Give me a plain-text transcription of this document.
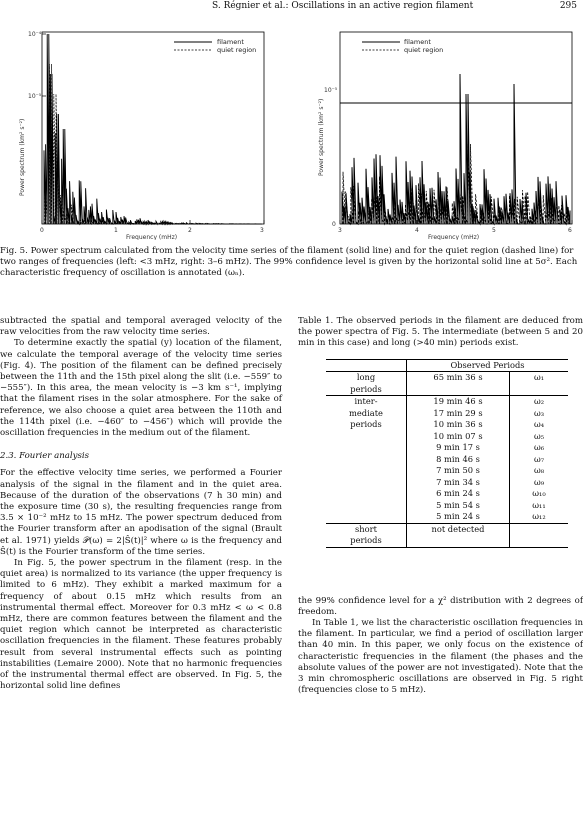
S. Régnier et al.: Oscillations in an active region filament	295
filament
quiet region
10⁻⁴
10⁻⁵
Power spectrum (km² s⁻²)
0	1	2	3
Frequency (mHz)
filament
quiet region
10⁻⁵
0
Power spectrum (km² s⁻²)
3	4	5	6
Frequency (mHz)
Fig. 5. Power spectrum calculated from the velocity time series of the filament (solid line) and for the quiet region (dashed line) for two ranges of frequencies (left: <3 mHz, right: 3–6 mHz). The 99% confidence level is given by the horizontal solid line at 5σ². Each characteristic frequency of oscillation is annotated (ωₙ).

subtracted the spatial and temporal averaged velocity of the raw velocities from the raw velocity time series.

To determine exactly the spatial (y) location of the filament, we calculate the temporal average of the velocity time series (Fig. 4). The position of the filament can be defined precisely between the 11th and the 15th pixel along the slit (i.e. −559″ to −555″). In this area, the mean velocity is −3 km s⁻¹, implying that the filament rises in the solar atmosphere. For the sake of reference, we also choose a quiet area between the 110th and the 114th pixel (i.e. −460″ to −456″) which will provide the oscillation frequencies in the medium out of the filament.

2.3. Fourier analysis

For the effective velocity time series, we performed a Fourier analysis of the signal in the filament and in the quiet area. Because of the duration of the observations (7 h 30 min) and the exposure time (30 s), the resulting frequencies range from 3.5 × 10⁻² mHz to 15 mHz. The power spectrum deduced from the Fourier transform after an apodisation of the signal (Brault et al. 1971) yields 𝒫(ω) = 2|Ŝ(t)|² where ω is the frequency and Ŝ(t) is the Fourier transform of the time series.

In Fig. 5, the power spectrum in the filament (resp. in the quiet area) is normalized to its variance (the upper frequency is limited to 6 mHz). They exhibit a marked maximum for a frequency of about 0.15 mHz which results from an instrumental thermal effect. Moreover for 0.3 mHz < ω < 0.8 mHz, there are common features between the filament and the quiet region which cannot be interpreted as characteristic oscillation frequencies in the filament. These features probably result from several instrumental effects such as pointing instabilities (Lemaire 2000). Note that no harmonic frequencies of the instrumental thermal effect are observed. In Fig. 5, the horizontal solid line defines

Table 1. The observed periods in the filament are deduced from the power spectra of Fig. 5. The intermediate (between 5 and 20 min in this case) and long (>40 min) periods exist.

	Observed Periods	
long	65 min 36 s	ω₁
periods		
inter-	19 min 46 s	ω₂
mediate	17 min 29 s	ω₃
periods	10 min 36 s	ω₄
	10 min 07 s	ω₅
	9 min 17 s	ω₆
	8 min 46 s	ω₇
	7 min 50 s	ω₈
	7 min 34 s	ω₉
	6 min 24 s	ω₁₀
	5 min 54 s	ω₁₁
	5 min 24 s	ω₁₂
short	not detected	
periods		

the 99% confidence level for a χ² distribution with 2 degrees of freedom.

In Table 1, we list the characteristic oscillation frequencies in the filament. In particular, we find a period of oscillation larger than 40 min. In this paper, we only focus on the existence of characteristic frequencies in the filament (the phases and the absolute values of the power are not investigated). Note that the 3 min chromospheric oscillations are observed in Fig. 5 right (frequencies close to 5 mHz).
